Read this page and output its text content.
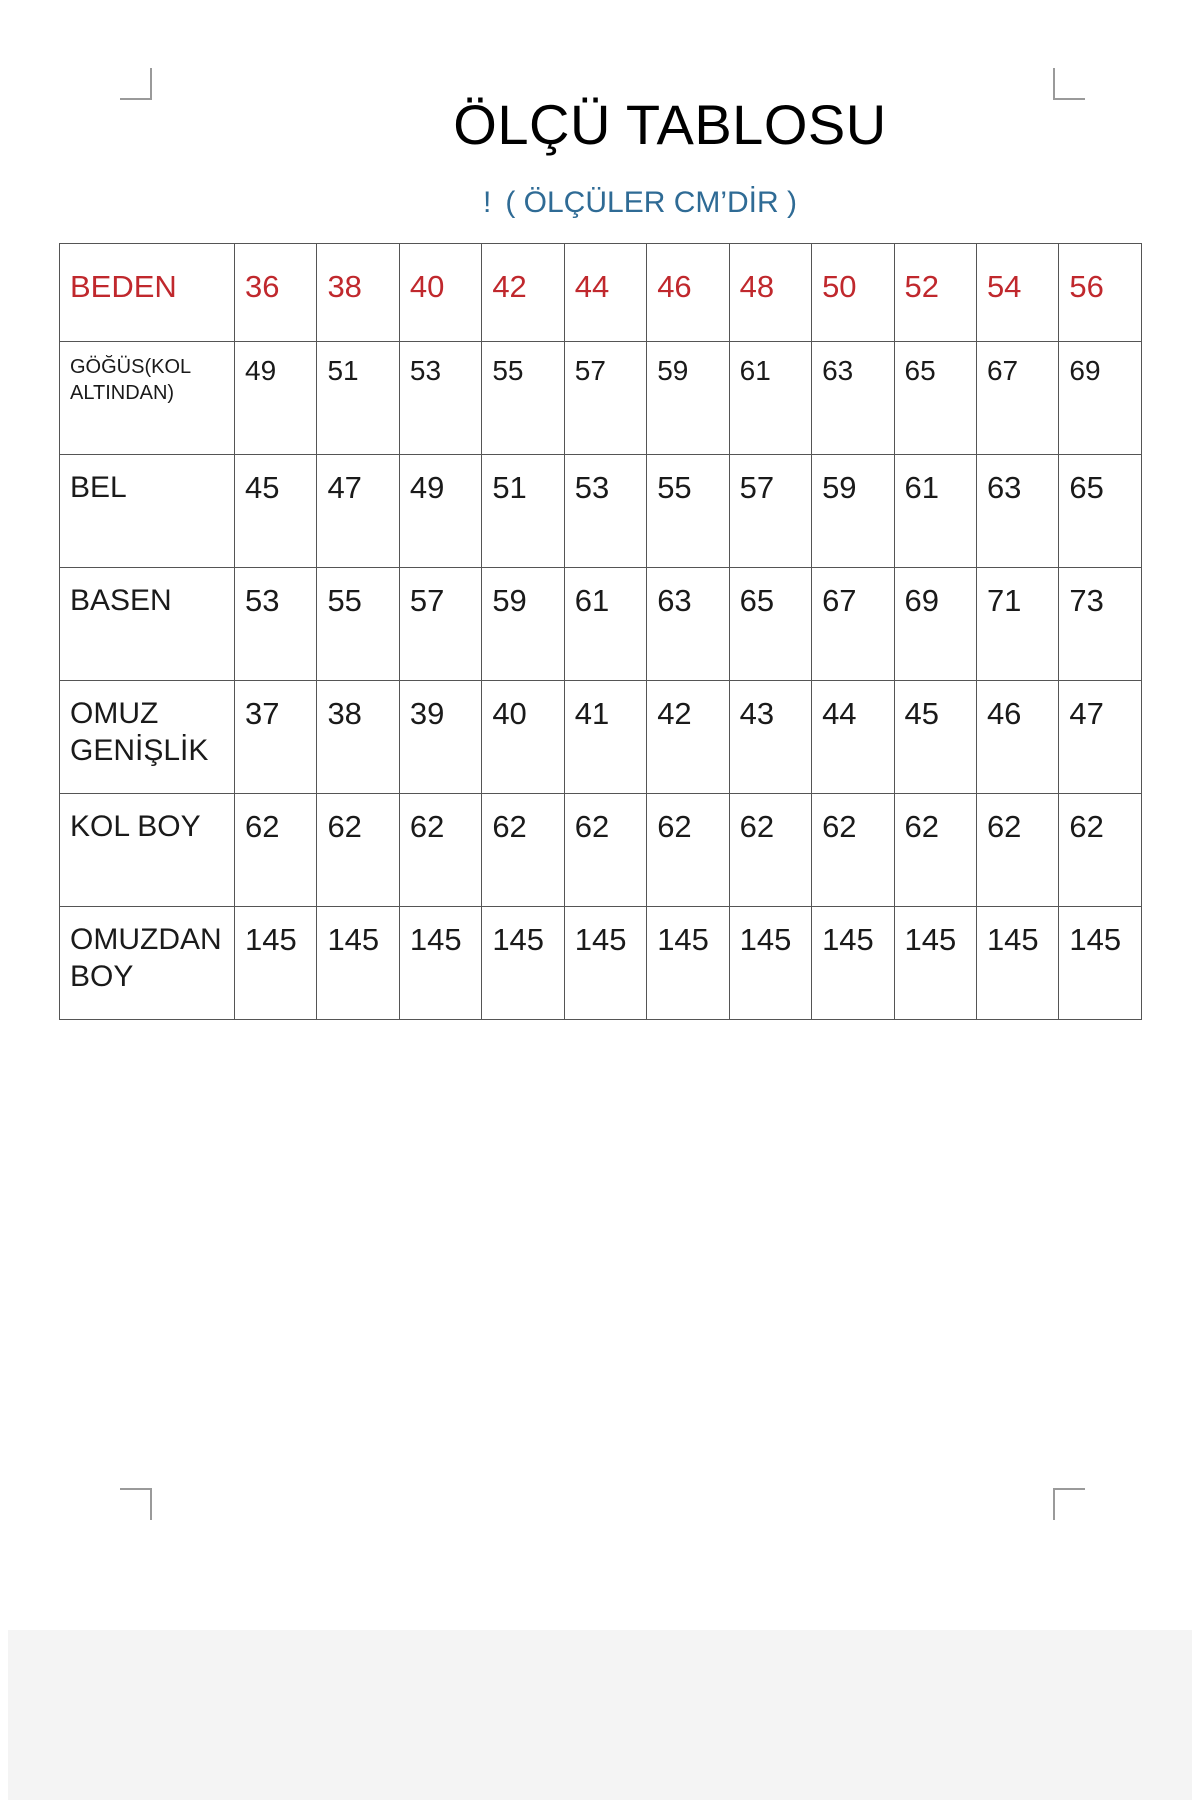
ÖLÇÜ TABLOSU
! ( ÖLÇÜLER CM’DİR )
BEDEN	36	38	40	42	44	46	48	50	52	54	56
GÖĞÜS(KOL ALTINDAN)	49	51	53	55	57	59	61	63	65	67	69
BEL	45	47	49	51	53	55	57	59	61	63	65
BASEN	53	55	57	59	61	63	65	67	69	71	73
OMUZ GENİŞLİK	37	38	39	40	41	42	43	44	45	46	47
KOL BOY	62	62	62	62	62	62	62	62	62	62	62
OMUZDAN BOY	145	145	145	145	145	145	145	145	145	145	145
